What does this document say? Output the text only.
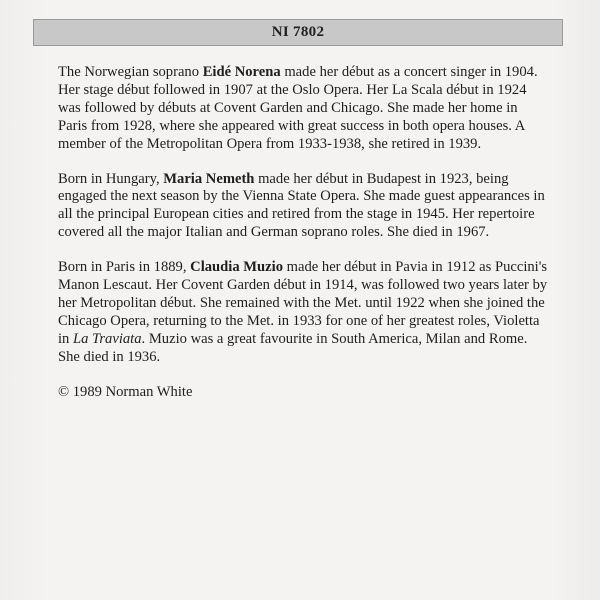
NI 7802

The Norwegian soprano Eidé Norena made her début as a concert singer in 1904. Her stage début followed in 1907 at the Oslo Opera. Her La Scala début in 1924 was followed by débuts at Covent Garden and Chicago. She made her home in Paris from 1928, where she appeared with great success in both opera houses. A member of the Metropolitan Opera from 1933-1938, she retired in 1939.

Born in Hungary, Maria Nemeth made her début in Budapest in 1923, being engaged the next season by the Vienna State Opera. She made guest appearances in all the principal European cities and retired from the stage in 1945. Her repertoire covered all the major Italian and German soprano roles. She died in 1967.

Born in Paris in 1889, Claudia Muzio made her début in Pavia in 1912 as Puccini's Manon Lescaut. Her Covent Garden début in 1914, was followed two years later by her Metropolitan début. She remained with the Met. until 1922 when she joined the Chicago Opera, returning to the Met. in 1933 for one of her greatest roles, Violetta in La Traviata. Muzio was a great favourite in South America, Milan and Rome. She died in 1936.

© 1989 Norman White
